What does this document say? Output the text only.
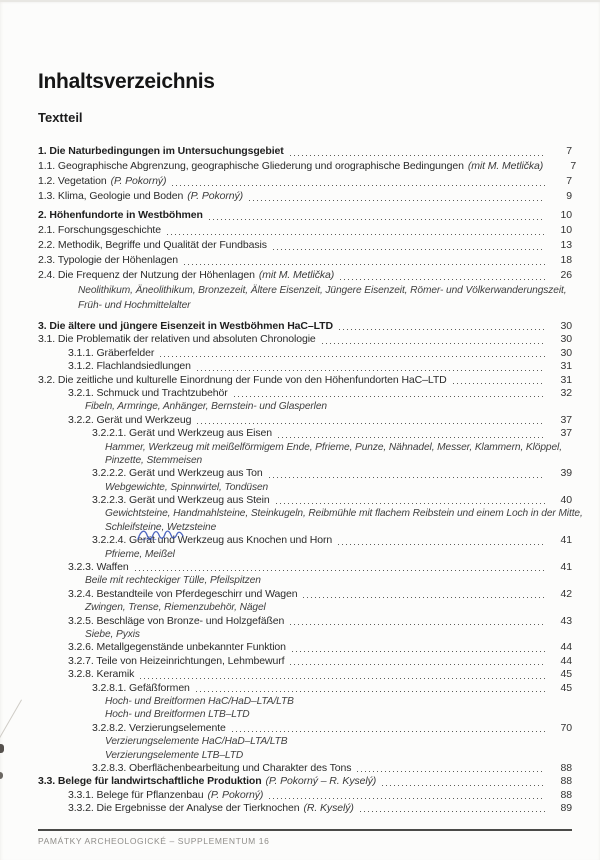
Inhaltsverzeichnis
Textteil
1. Die Naturbedingungen im Untersuchungsgebiet	7
1.1. Geographische Abgrenzung, geographische Gliederung und orographische Bedingungen (mit M. Metlička)	7
1.2. Vegetation (P. Pokorný)	7
1.3. Klima, Geologie und Boden (P. Pokorný)	9
2. Höhenfundorte in Westböhmen	10
2.1. Forschungsgeschichte	10
2.2. Methodik, Begriffe und Qualität der Fundbasis	13
2.3. Typologie der Höhenlagen	18
2.4. Die Frequenz der Nutzung der Höhenlagen (mit M. Metlička)	26
Neolithikum, Äneolithikum, Bronzezeit, Ältere Eisenzeit, Jüngere Eisenzeit, Römer- und Völkerwanderungszeit,
Früh- und Hochmittelalter
3. Die ältere und jüngere Eisenzeit in Westböhmen HaC–LTD	30
3.1. Die Problematik der relativen und absoluten Chronologie	30
3.1.1. Gräberfelder	30
3.1.2. Flachlandsiedlungen	31
3.2. Die zeitliche und kulturelle Einordnung der Funde von den Höhenfundorten HaC–LTD	31
3.2.1. Schmuck und Trachtzubehör	32
Fibeln, Armringe, Anhänger, Bernstein- und Glasperlen
3.2.2. Gerät und Werkzeug	37
3.2.2.1. Gerät und Werkzeug aus Eisen	37
Hammer, Werkzeug mit meißelförmigem Ende, Pfrieme, Punze, Nähnadel, Messer, Klammern, Klöppel,
Pinzette, Stemmeisen
3.2.2.2. Gerät und Werkzeug aus Ton	39
Webgewichte, Spinnwirtel, Tondüsen
3.2.2.3. Gerät und Werkzeug aus Stein	40
Gewichtsteine, Handmahlsteine, Steinkugeln, Reibmühle mit flachem Reibstein und einem Loch in der Mitte,
Schleifsteine, Wetzsteine
3.2.2.4. Gerät und Werkzeug aus Knochen und Horn	41
Pfrieme, Meißel
3.2.3. Waffen	41
Beile mit rechteckiger Tülle, Pfeilspitzen
3.2.4. Bestandteile von Pferdegeschirr und Wagen	42
Zwingen, Trense, Riemenzubehör, Nägel
3.2.5. Beschläge von Bronze- und Holzgefäßen	43
Siebe, Pyxis
3.2.6. Metallgegenstände unbekannter Funktion	44
3.2.7. Teile von Heizeinrichtungen, Lehmbewurf	44
3.2.8. Keramik	45
3.2.8.1. Gefäßformen	45
Hoch- und Breitformen HaC/HaD–LTA/LTB
Hoch- und Breitformen LTB–LTD
3.2.8.2. Verzierungselemente	70
Verzierungselemente HaC/HaD–LTA/LTB
Verzierungselemente LTB–LTD
3.2.8.3. Oberflächenbearbeitung und Charakter des Tons	88
3.3. Belege für landwirtschaftliche Produktion (P. Pokorný – R. Kyselý)	88
3.3.1. Belege für Pflanzenbau (P. Pokorný)	88
3.3.2. Die Ergebnisse der Analyse der Tierknochen (R. Kyselý)	89
PAMÁTKY ARCHEOLOGICKÉ – SUPPLEMENTUM 16
